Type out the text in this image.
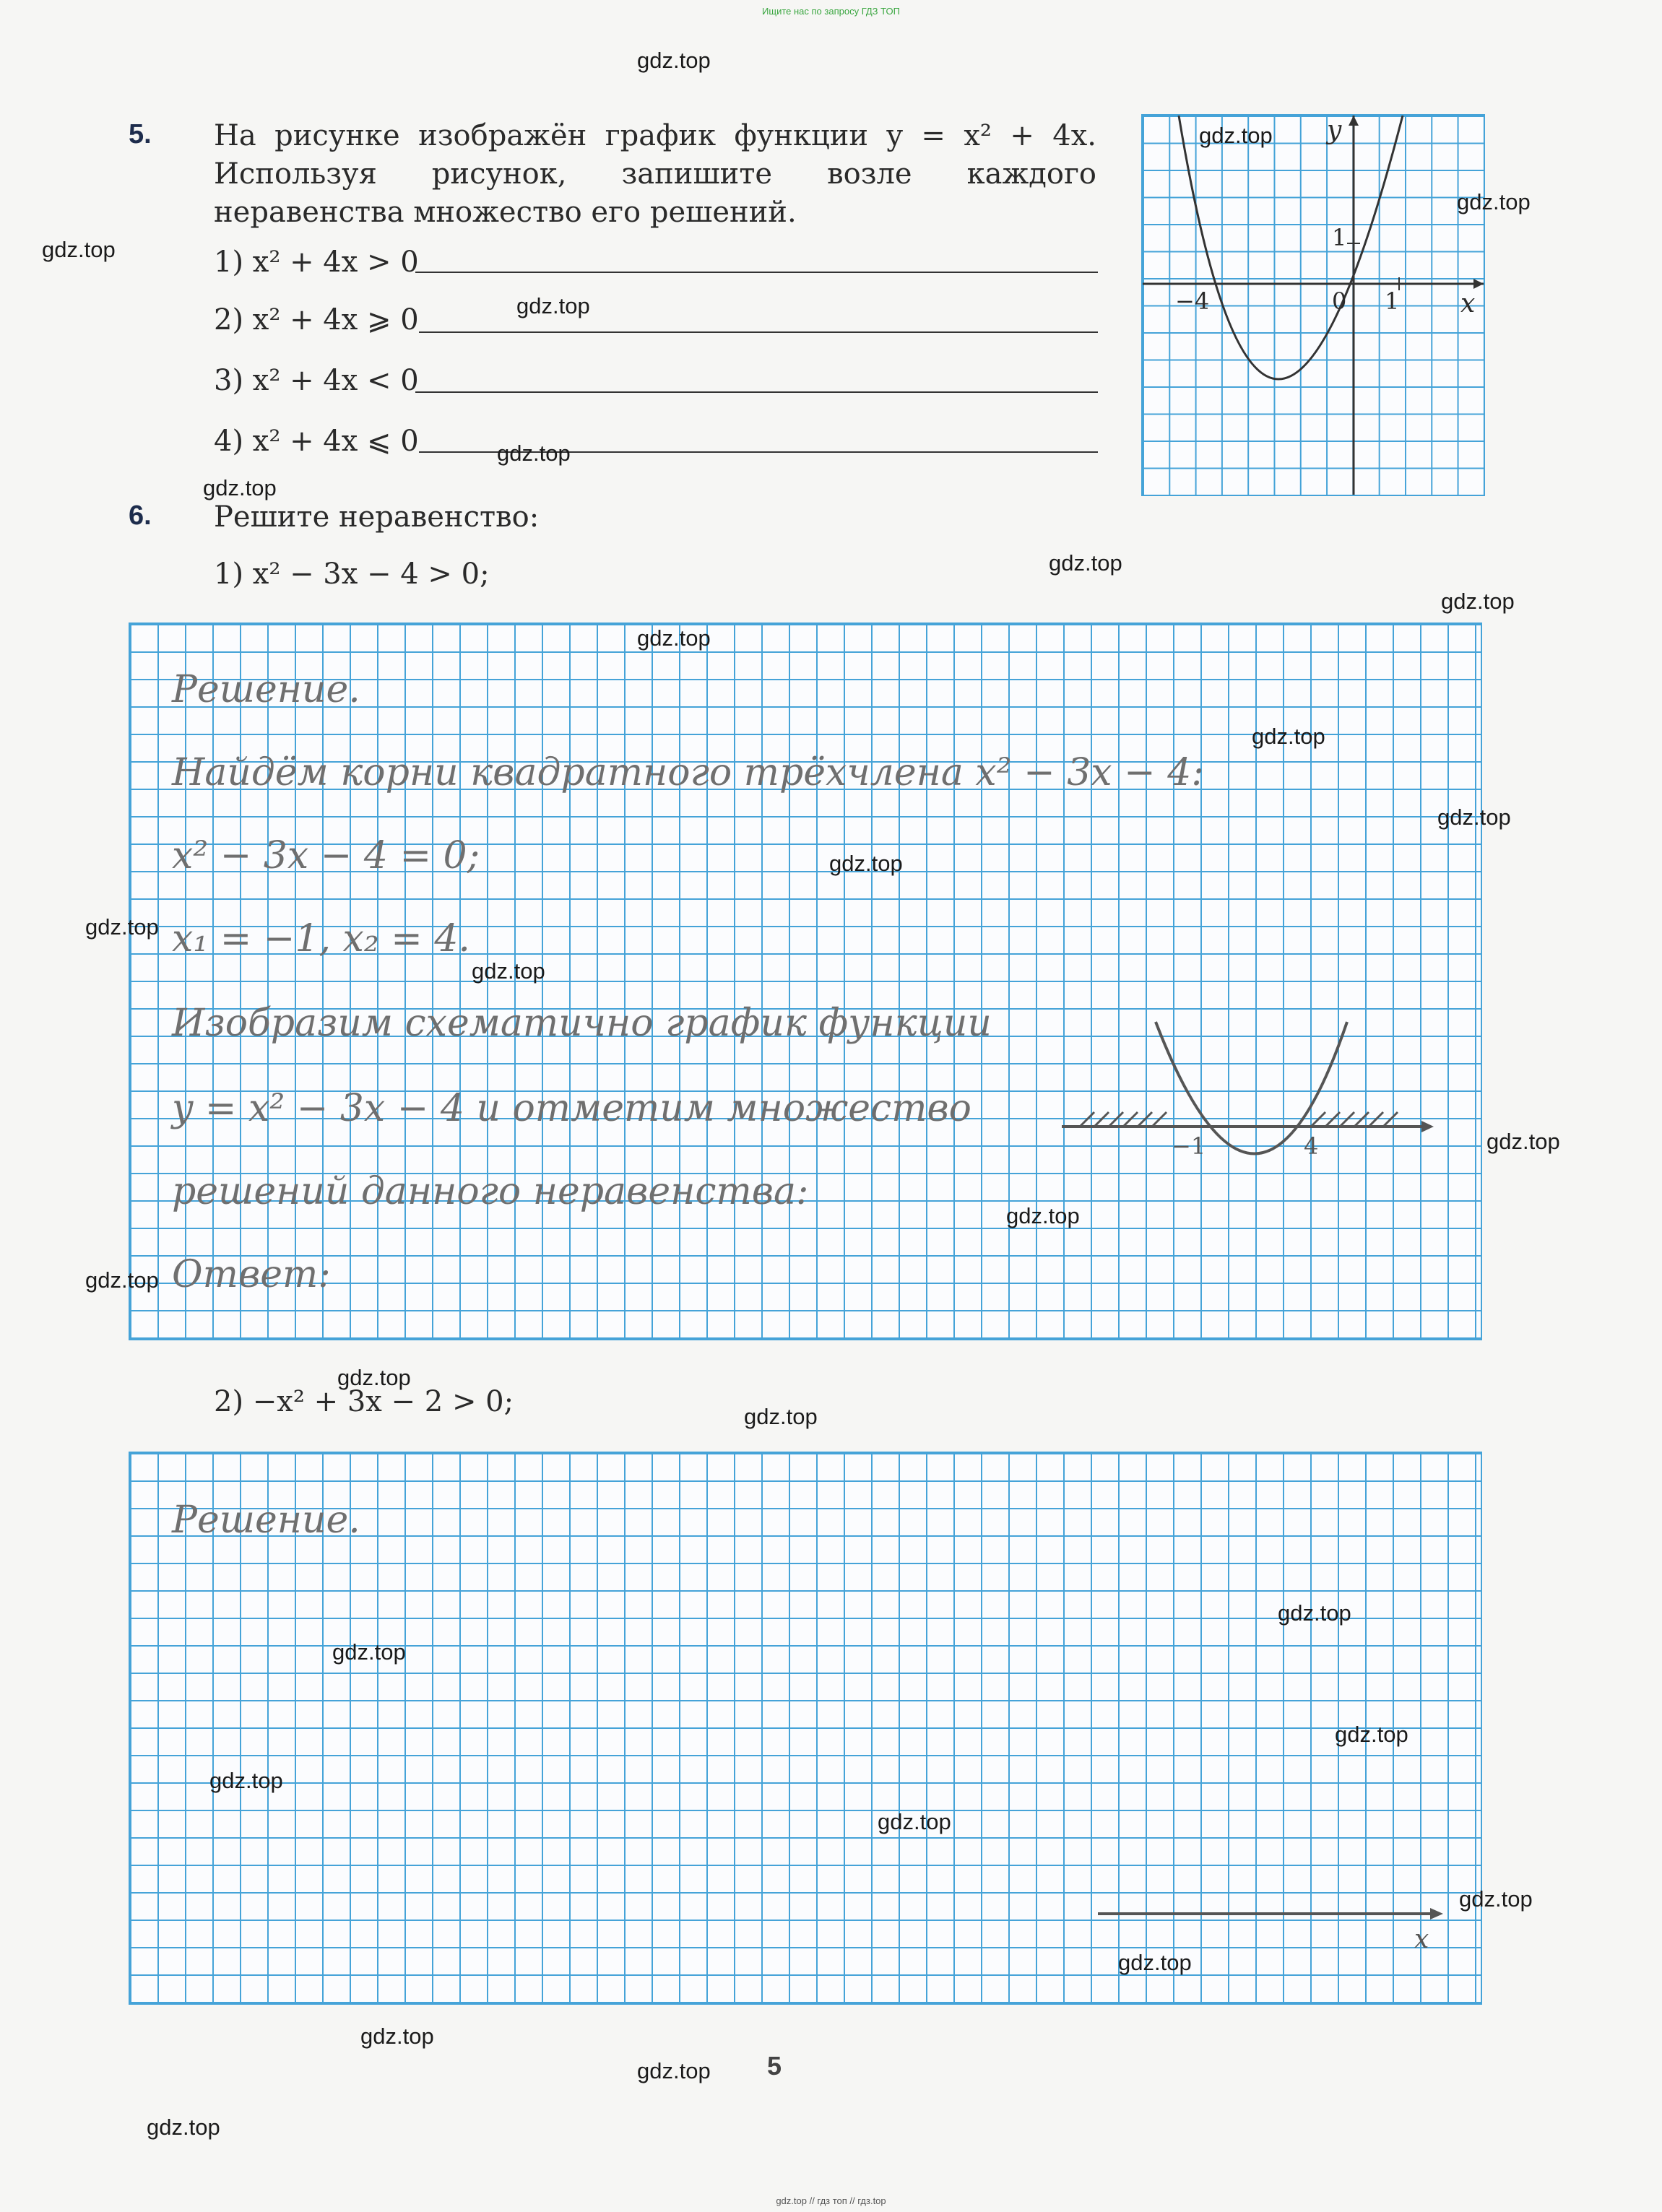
Ищите нас по запросу ГДЗ ТОП
5. На рисунке изображён график функции y = x² + 4x. Используя рисунок, запишите возле каждого неравенства множество его решений.
1) x² + 4x > 0
2) x² + 4x ⩾ 0
3) x² + 4x < 0
4) x² + 4x ⩽ 0
y
x
1
0 1
−4
6. Решите неравенство:
1) x² − 3x − 4 > 0;
Решение.
Найдём корни квадратного трёхчлена x² − 3x − 4:
x² − 3x − 4 = 0;
x₁ = −1, x₂ = 4.
Изобразим схематично график функции
y = x² − 3x − 4 и отметим множество
решений данного неравенства:
Ответ:
−1	4
2) −x² + 3x − 2 > 0;
Решение.
x
5
gdz.top
gdz.top
gdz.top
gdz.top
gdz.top
gdz.top
gdz.top
gdz.top
gdz.top
gdz.top
gdz.top
gdz.top
gdz.top
gdz.top
gdz.top
gdz.top
gdz.top
gdz.top
gdz.top
gdz.top
gdz.top
gdz.top
gdz.top
gdz.top
gdz.top
gdz.top
gdz.top
gdz.top
gdz.top
gdz.top
gdz.top // гдз топ // гдз.top
